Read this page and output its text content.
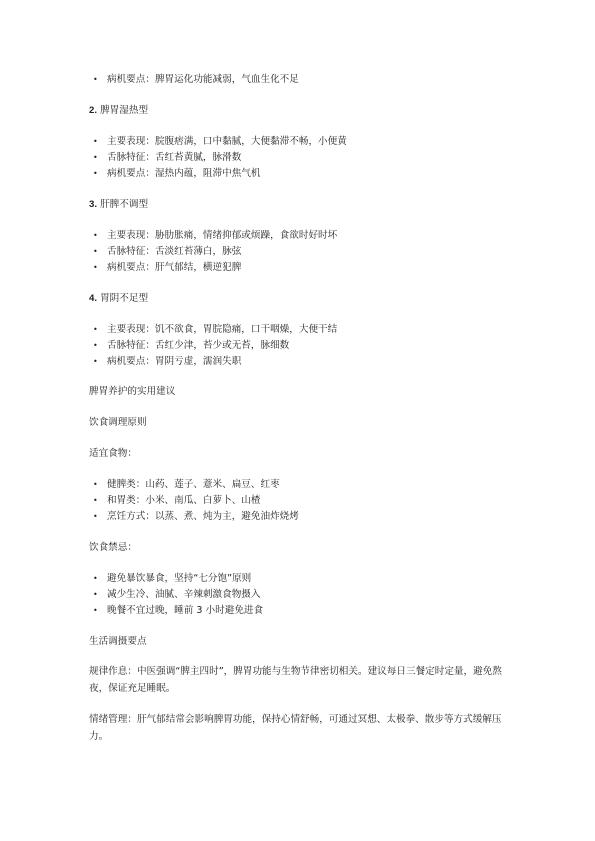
• 病机要点：脾胃运化功能减弱，气血生化不足
2. 脾胃湿热型
• 主要表现：脘腹痞满，口中黏腻，大便黏滞不畅，小便黄
• 舌脉特征：舌红苔黄腻，脉滑数
• 病机要点：湿热内蕴，阻滞中焦气机
3. 肝脾不调型
• 主要表现：胁肋胀痛，情绪抑郁或烦躁，食欲时好时坏
• 舌脉特征：舌淡红苔薄白，脉弦
• 病机要点：肝气郁结，横逆犯脾
4. 胃阴不足型
• 主要表现：饥不欲食，胃脘隐痛，口干咽燥，大便干结
• 舌脉特征：舌红少津，苔少或无苔，脉细数
• 病机要点：胃阴亏虚，濡润失职
脾胃养护的实用建议
饮食调理原则
适宜食物：
• 健脾类：山药、莲子、薏米、扁豆、红枣
• 和胃类：小米、南瓜、白萝卜、山楂
• 烹饪方式：以蒸、煮、炖为主，避免油炸烧烤
饮食禁忌：
• 避免暴饮暴食，坚持“七分饱”原则
• 减少生冷、油腻、辛辣刺激食物摄入
• 晚餐不宜过晚，睡前 3 小时避免进食
生活调摄要点
规律作息：中医强调“脾主四时”，脾胃功能与生物节律密切相关。建议每日三餐定时定量，避免熬夜，保证充足睡眠。
情绪管理：肝气郁结常会影响脾胃功能，保持心情舒畅，可通过冥想、太极拳、散步等方式缓解压力。
